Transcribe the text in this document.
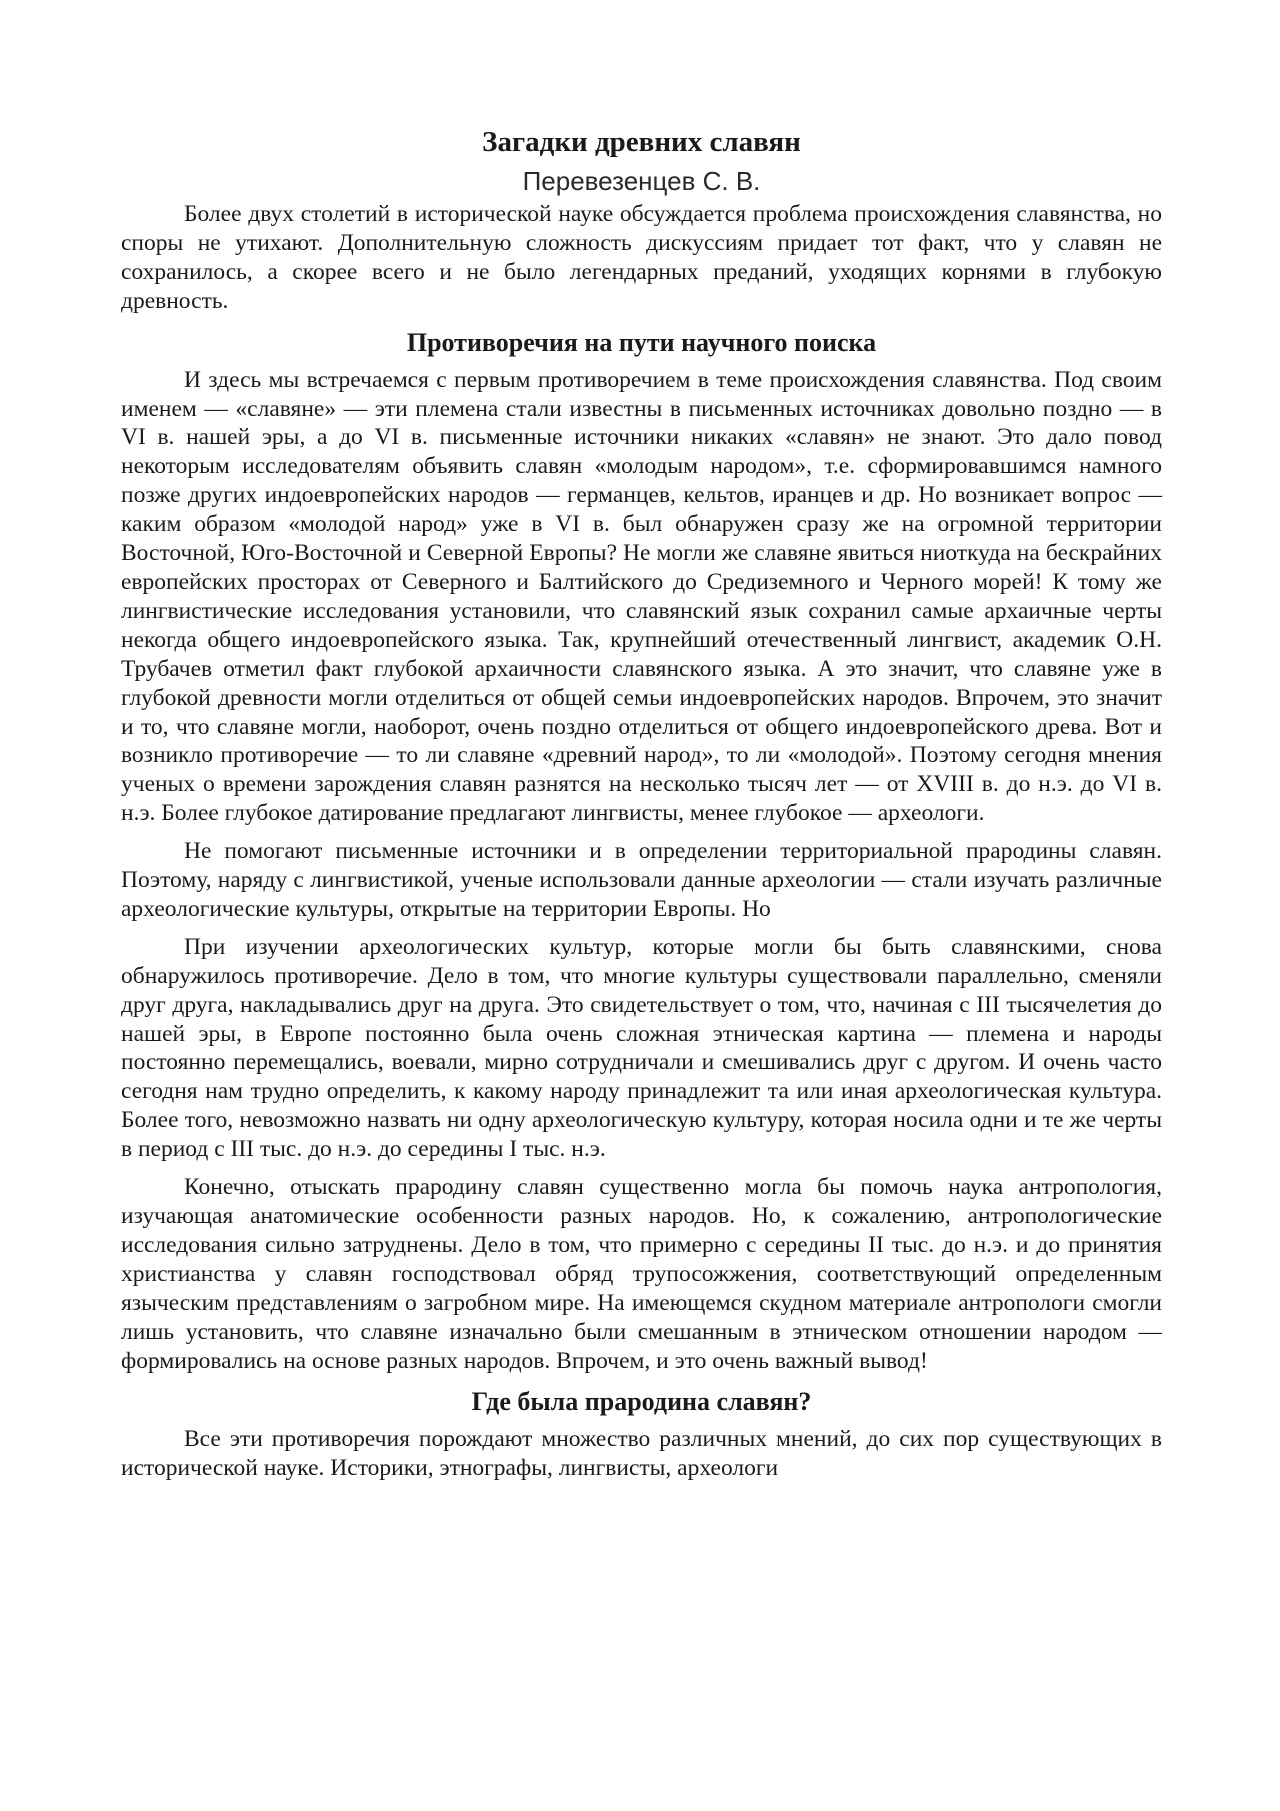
Загадки древних славян
Перевезенцев С. В.

Более двух столетий в исторической науке обсуждается проблема происхождения славянства, но споры не утихают. Дополнительную сложность дискуссиям придает тот факт, что у славян не сохранилось, а скорее всего и не было легендарных преданий, уходящих корнями в глубокую древность.

Противоречия на пути научного поиска

И здесь мы встречаемся с первым противоречием в теме происхождения славянства. Под своим именем — «славяне» — эти племена стали известны в письменных источниках довольно поздно — в VI в. нашей эры, а до VI в. письменные источники никаких «славян» не знают. Это дало повод некоторым исследователям объявить славян «молодым народом», т.е. сформировавшимся намного позже других индоевропейских народов — германцев, кельтов, иранцев и др. Но возникает вопрос — каким образом «молодой народ» уже в VI в. был обнаружен сразу же на огромной территории Восточной, Юго-Восточной и Северной Европы? Не могли же славяне явиться ниоткуда на бескрайних европейских просторах от Северного и Балтийского до Средиземного и Черного морей! К тому же лингвистические исследования установили, что славянский язык сохранил самые архаичные черты некогда общего индоевропейского языка. Так, крупнейший отечественный лингвист, академик О.Н. Трубачев отметил факт глубокой архаичности славянского языка. А это значит, что славяне уже в глубокой древности могли отделиться от общей семьи индоевропейских народов. Впрочем, это значит и то, что славяне могли, наоборот, очень поздно отделиться от общего индоевропейского древа. Вот и возникло противоречие — то ли славяне «древний народ», то ли «молодой». Поэтому сегодня мнения ученых о времени зарождения славян разнятся на несколько тысяч лет — от XVIII в. до н.э. до VI в. н.э. Более глубокое датирование предлагают лингвисты, менее глубокое — археологи.

Не помогают письменные источники и в определении территориальной прародины славян. Поэтому, наряду с лингвистикой, ученые использовали данные археологии — стали изучать различные археологические культуры, открытые на территории Европы. Но

При изучении археологических культур, которые могли бы быть славянскими, снова обнаружилось противоречие. Дело в том, что многие культуры существовали параллельно, сменяли друг друга, накладывались друг на друга. Это свидетельствует о том, что, начиная с III тысячелетия до нашей эры, в Европе постоянно была очень сложная этническая картина — племена и народы постоянно перемещались, воевали, мирно сотрудничали и смешивались друг с другом. И очень часто сегодня нам трудно определить, к какому народу принадлежит та или иная археологическая культура. Более того, невозможно назвать ни одну археологическую культуру, которая носила одни и те же черты в период с III тыс. до н.э. до середины I тыс. н.э.

Конечно, отыскать прародину славян существенно могла бы помочь наука антропология, изучающая анатомические особенности разных народов. Но, к сожалению, антропологические исследования сильно затруднены. Дело в том, что примерно с середины II тыс. до н.э. и до принятия христианства у славян господствовал обряд трупосожжения, соответствующий определенным языческим представлениям о загробном мире. На имеющемся скудном материале антропологи смогли лишь установить, что славяне изначально были смешанным в этническом отношении народом — формировались на основе разных народов. Впрочем, и это очень важный вывод!

Где была прародина славян?

Все эти противоречия порождают множество различных мнений, до сих пор существующих в исторической науке. Историки, этнографы, лингвисты, археологи
